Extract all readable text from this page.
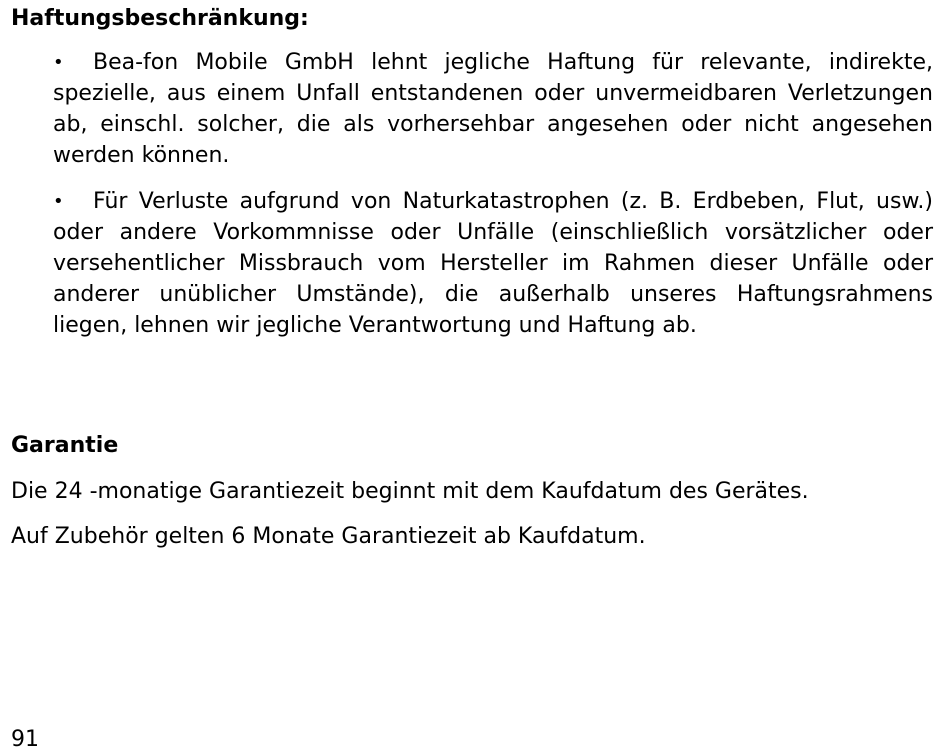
Haftungsbeschränkung:
• Bea-fon Mobile GmbH lehnt jegliche Haftung für relevante, indirekte, spezielle, aus einem Unfall entstandenen oder unvermeidbaren Verletzungen ab, einschl. solcher, die als vorhersehbar angesehen oder nicht angesehen werden können.
• Für Verluste aufgrund von Naturkatastrophen (z. B. Erdbeben, Flut, usw.) oder andere Vorkommnisse oder Unfälle (einschließlich vorsätzlicher oder versehentlicher Missbrauch vom Hersteller im Rahmen dieser Unfälle oder anderer unüblicher Umstände), die außerhalb unseres Haftungsrahmens liegen, lehnen wir jegliche Verantwortung und Haftung ab.
Garantie

Die 24 -monatige Garantiezeit beginnt mit dem Kaufdatum des Gerätes.

Auf Zubehör gelten 6 Monate Garantiezeit ab Kaufdatum.

91
